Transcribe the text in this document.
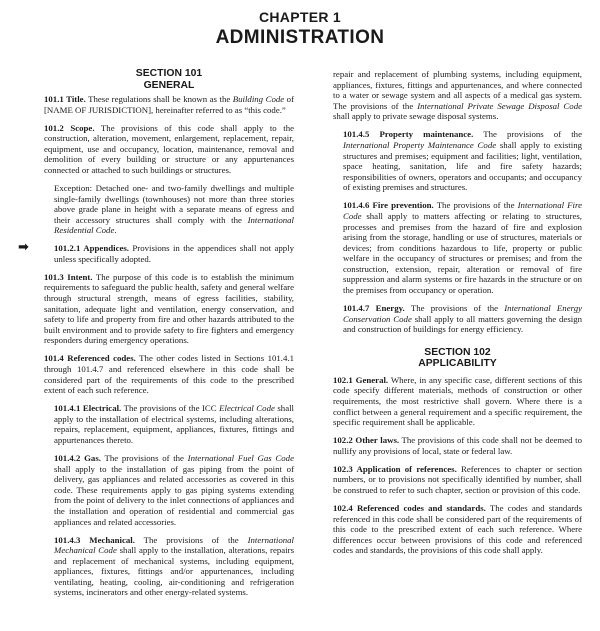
CHAPTER 1
ADMINISTRATION
SECTION 101
GENERAL

101.1 Title. These regulations shall be known as the Building Code of [NAME OF JURISDICTION], hereinafter referred to as “this code.”

101.2 Scope. The provisions of this code shall apply to the construction, alteration, movement, enlargement, replacement, repair, equipment, use and occupancy, location, maintenance, removal and demolition of every building or structure or any appurtenances connected or attached to such buildings or structures.

Exception: Detached one- and two-family dwellings and multiple single-family dwellings (townhouses) not more than three stories above grade plane in height with a separate means of egress and their accessory structures shall comply with the International Residential Code.

➡	101.2.1 Appendices. Provisions in the appendices shall not apply unless specifically adopted.

101.3 Intent. The purpose of this code is to establish the minimum requirements to safeguard the public health, safety and general welfare through structural strength, means of egress facilities, stability, sanitation, adequate light and ventilation, energy conservation, and safety to life and property from fire and other hazards attributed to the built environment and to provide safety to fire fighters and emergency responders during emergency operations.

101.4 Referenced codes. The other codes listed in Sections 101.4.1 through 101.4.7 and referenced elsewhere in this code shall be considered part of the requirements of this code to the prescribed extent of each such reference.

101.4.1 Electrical. The provisions of the ICC Electrical Code shall apply to the installation of electrical systems, including alterations, repairs, replacement, equipment, appliances, fixtures, fittings and appurtenances thereto.

101.4.2 Gas. The provisions of the International Fuel Gas Code shall apply to the installation of gas piping from the point of delivery, gas appliances and related accessories as covered in this code. These requirements apply to gas piping systems extending from the point of delivery to the inlet connections of appliances and the installation and operation of residential and commercial gas appliances and related accessories.

101.4.3 Mechanical. The provisions of the International Mechanical Code shall apply to the installation, alterations, repairs and replacement of mechanical systems, including equipment, appliances, fixtures, fittings and/or appurtenances, including ventilating, heating, cooling, air-conditioning and refrigeration systems, incinerators and other energy-related systems.

repair and replacement of plumbing systems, including equipment, appliances, fixtures, fittings and appurtenances, and where connected to a water or sewage system and all aspects of a medical gas system. The provisions of the International Private Sewage Disposal Code shall apply to private sewage disposal systems.

101.4.5 Property maintenance. The provisions of the International Property Maintenance Code shall apply to existing structures and premises; equipment and facilities; light, ventilation, space heating, sanitation, life and fire safety hazards; responsibilities of owners, operators and occupants; and occupancy of existing premises and structures.

101.4.6 Fire prevention. The provisions of the International Fire Code shall apply to matters affecting or relating to structures, processes and premises from the hazard of fire and explosion arising from the storage, handling or use of structures, materials or devices; from conditions hazardous to life, property or public welfare in the occupancy of structures or premises; and from the construction, extension, repair, alteration or removal of fire suppression and alarm systems or fire hazards in the structure or on the premises from occupancy or operation.

101.4.7 Energy. The provisions of the International Energy Conservation Code shall apply to all matters governing the design and construction of buildings for energy efficiency.

SECTION 102
APPLICABILITY

102.1 General. Where, in any specific case, different sections of this code specify different materials, methods of construction or other requirements, the most restrictive shall govern. Where there is a conflict between a general requirement and a specific requirement, the specific requirement shall be applicable.

102.2 Other laws. The provisions of this code shall not be deemed to nullify any provisions of local, state or federal law.

102.3 Application of references. References to chapter or section numbers, or to provisions not specifically identified by number, shall be construed to refer to such chapter, section or provision of this code.

102.4 Referenced codes and standards. The codes and standards referenced in this code shall be considered part of the requirements of this code to the prescribed extent of each such reference. Where differences occur between provisions of this code and referenced codes and standards, the provisions of this code shall apply.
